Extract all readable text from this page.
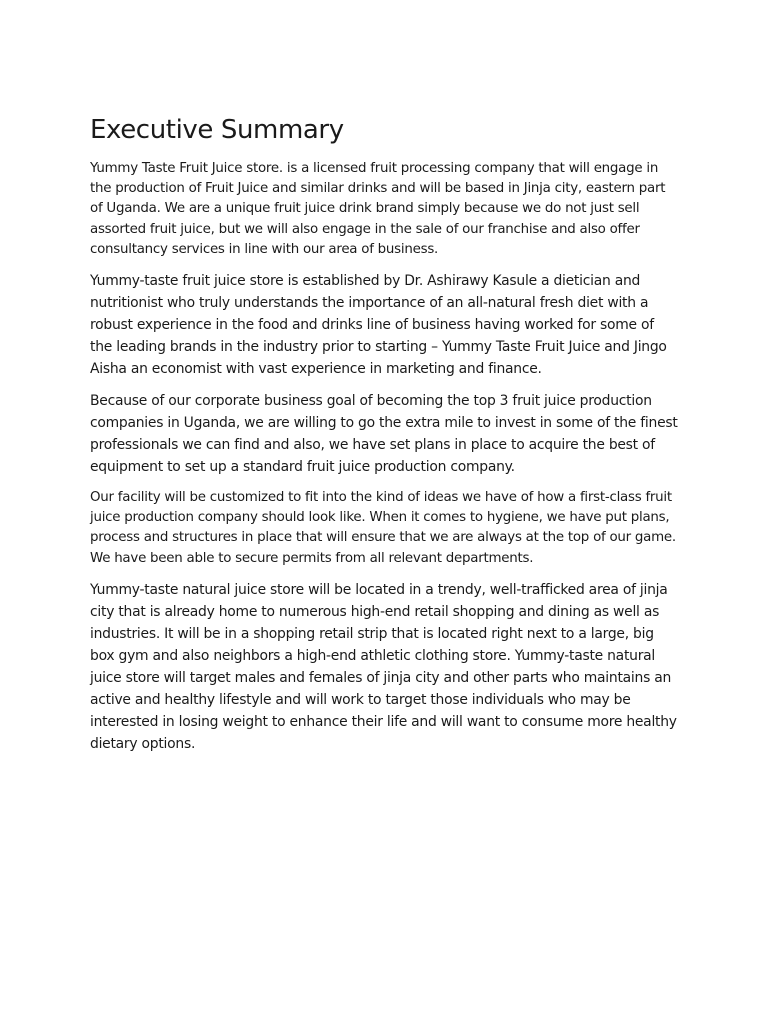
Executive Summary

Yummy Taste Fruit Juice store. is a licensed fruit processing company that will engage in the production of Fruit Juice and similar drinks and will be based in Jinja city, eastern part of Uganda. We are a unique fruit juice drink brand simply because we do not just sell assorted fruit juice, but we will also engage in the sale of our franchise and also offer consultancy services in line with our area of business.

Yummy-taste fruit juice store is established by Dr. Ashirawy Kasule a dietician and nutritionist who truly understands the importance of an all-natural fresh diet with a robust experience in the food and drinks line of business having worked for some of the leading brands in the industry prior to starting – Yummy Taste Fruit Juice and Jingo Aisha an economist with vast experience in marketing and finance.

Because of our corporate business goal of becoming the top 3 fruit juice production companies in Uganda, we are willing to go the extra mile to invest in some of the finest professionals we can find and also, we have set plans in place to acquire the best of equipment to set up a standard fruit juice production company.

Our facility will be customized to fit into the kind of ideas we have of how a first-class fruit juice production company should look like. When it comes to hygiene, we have put plans, process and structures in place that will ensure that we are always at the top of our game. We have been able to secure permits from all relevant departments.

Yummy-taste natural juice store will be located in a trendy, well-trafficked area of jinja city that is already home to numerous high-end retail shopping and dining as well as industries. It will be in a shopping retail strip that is located right next to a large, big box gym and also neighbors a high-end athletic clothing store. Yummy-taste natural juice store will target males and females of jinja city and other parts who maintains an active and healthy lifestyle and will work to target those individuals who may be interested in losing weight to enhance their life and will want to consume more healthy dietary options.
